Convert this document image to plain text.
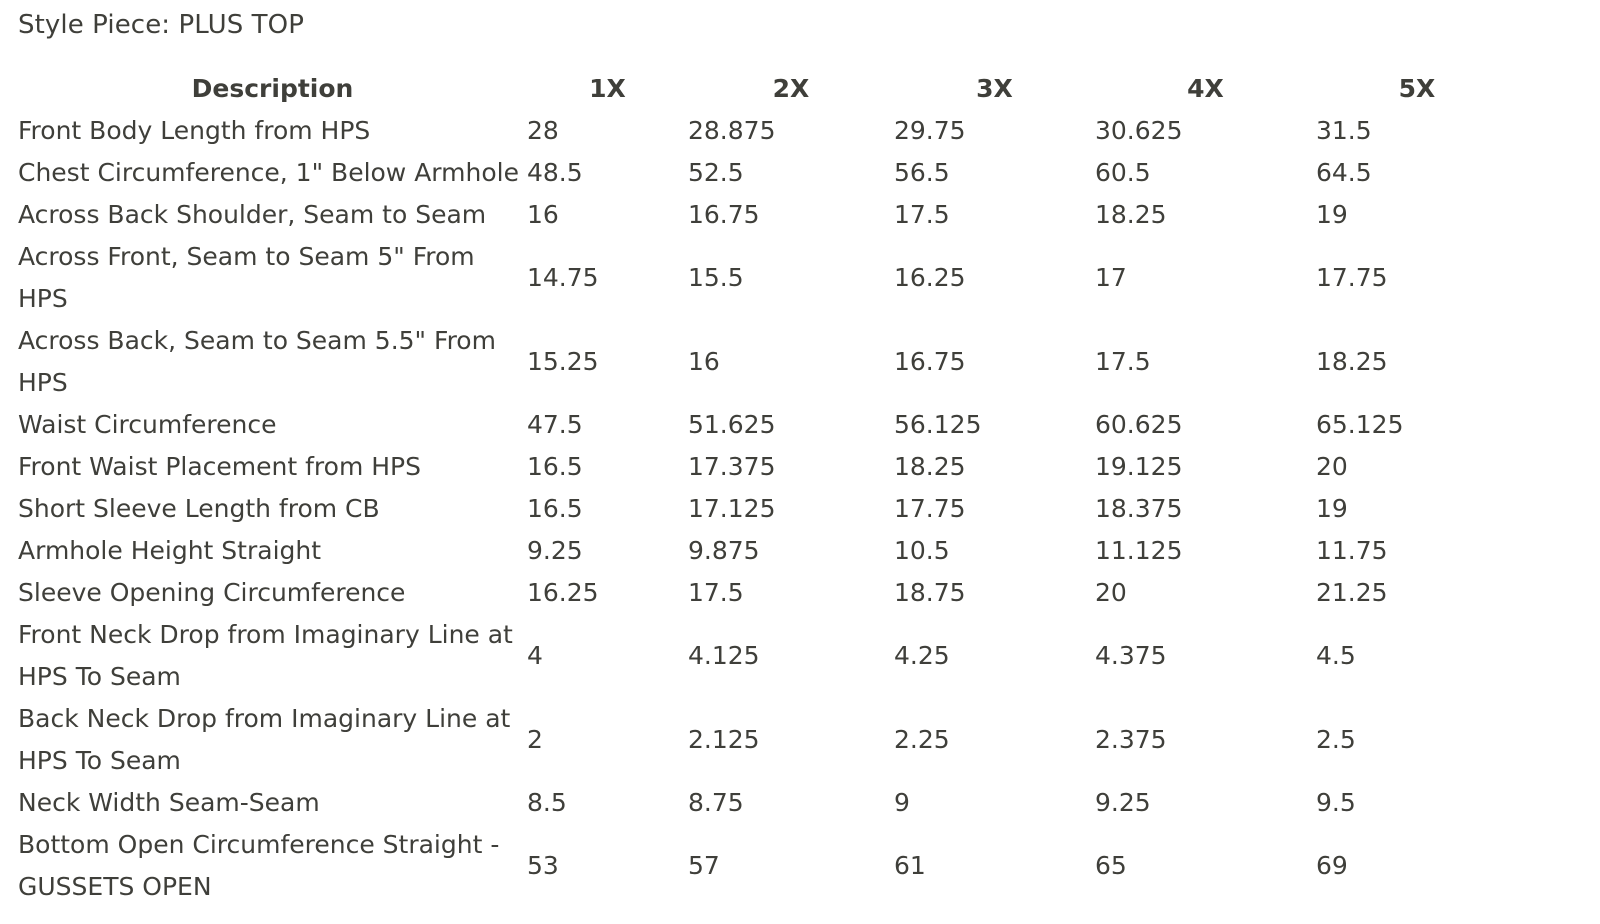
Style Piece: PLUS TOP
Description	1X	2X	3X	4X	5X
Front Body Length from HPS	28	28.875	29.75	30.625	31.5
Chest Circumference, 1" Below Armhole	48.5	52.5	56.5	60.5	64.5
Across Back Shoulder, Seam to Seam	16	16.75	17.5	18.25	19
Across Front, Seam to Seam 5" From HPS	14.75	15.5	16.25	17	17.75
Across Back, Seam to Seam 5.5" From HPS	15.25	16	16.75	17.5	18.25
Waist Circumference	47.5	51.625	56.125	60.625	65.125
Front Waist Placement from HPS	16.5	17.375	18.25	19.125	20
Short Sleeve Length from CB	16.5	17.125	17.75	18.375	19
Armhole Height Straight	9.25	9.875	10.5	11.125	11.75
Sleeve Opening Circumference	16.25	17.5	18.75	20	21.25
Front Neck Drop from Imaginary Line at HPS To Seam	4	4.125	4.25	4.375	4.5
Back Neck Drop from Imaginary Line at HPS To Seam	2	2.125	2.25	2.375	2.5
Neck Width Seam-Seam	8.5	8.75	9	9.25	9.5
Bottom Open Circumference Straight - GUSSETS OPEN	53	57	61	65	69
